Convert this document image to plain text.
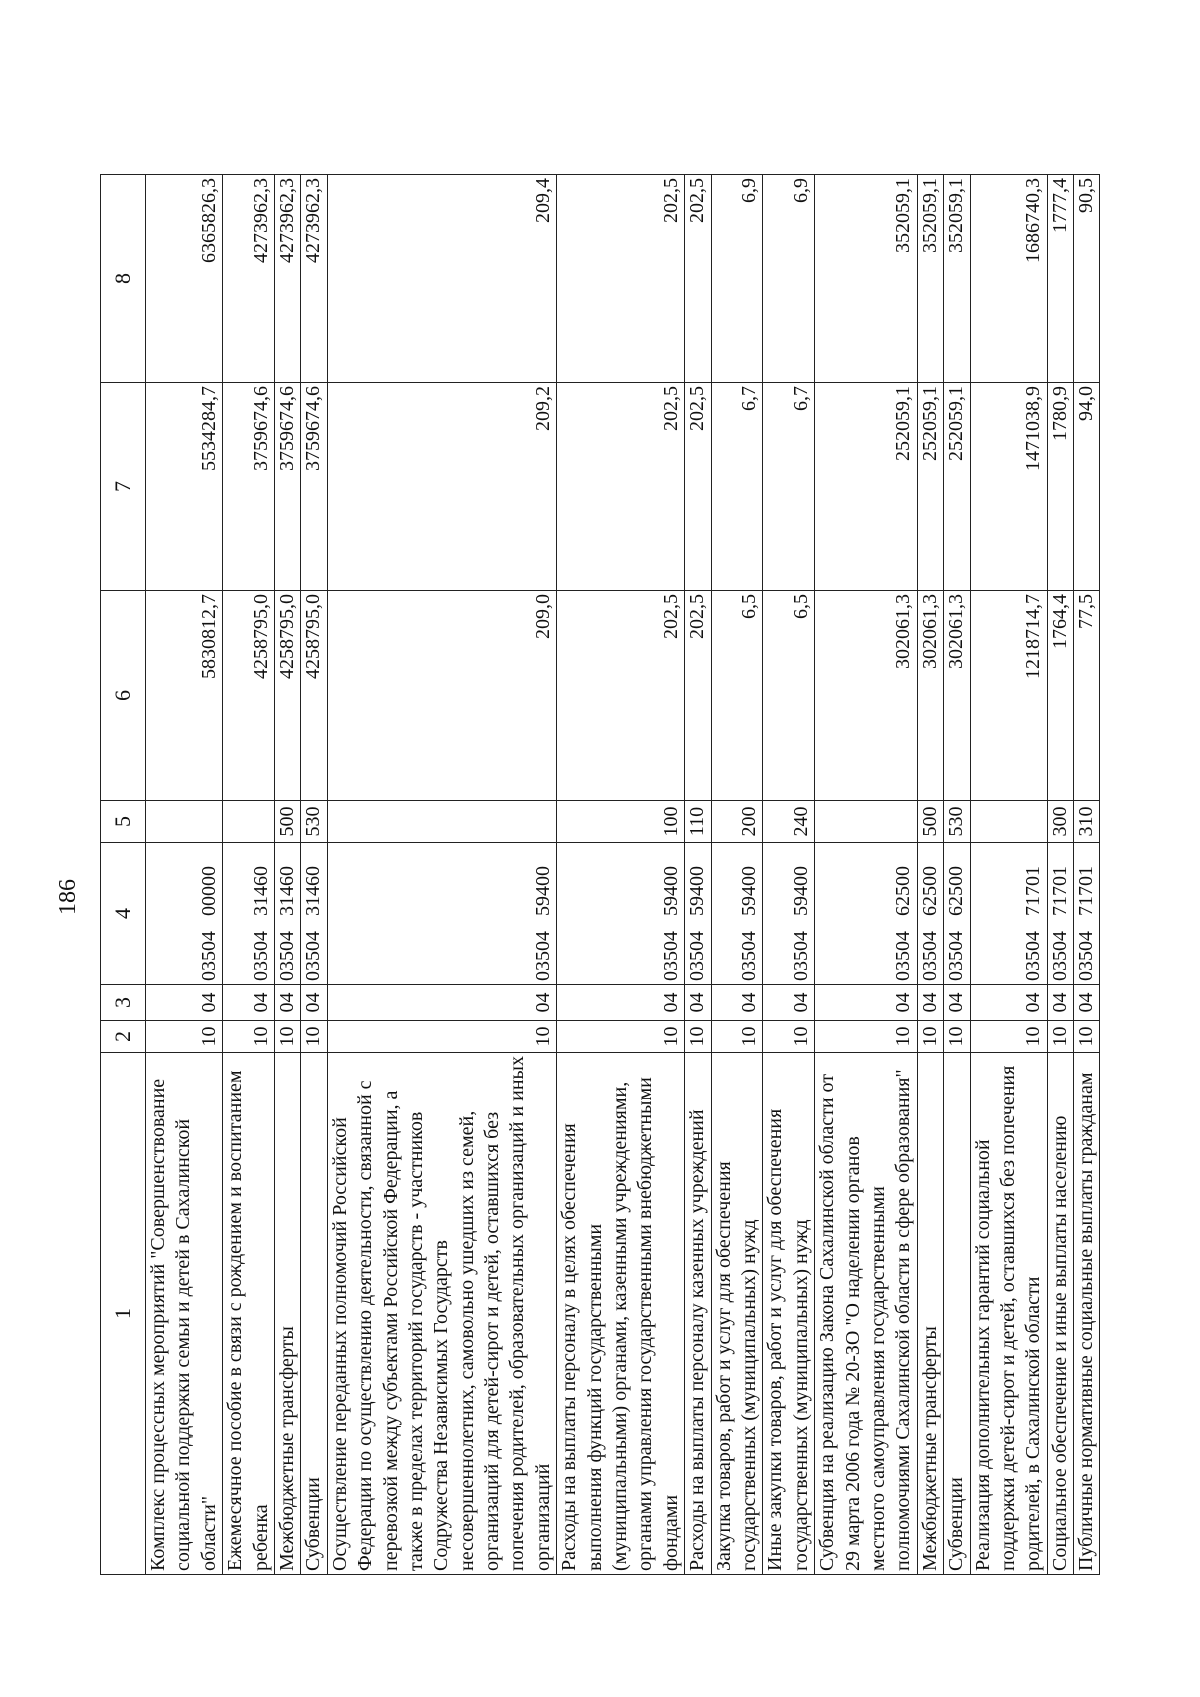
186
1	2	3	4	5	6	7	8
Комплекс процессных мероприятий "Совершенствование социальной поддержки семьи и детей в Сахалинской области"	10	04	03504   00000		5830812,7	5534284,7	6365826,3
Ежемесячное пособие в связи с рождением и воспитанием ребенка	10	04	03504   31460		4258795,0	3759674,6	4273962,3
Межбюджетные трансферты	10	04	03504   31460	500	4258795,0	3759674,6	4273962,3
Субвенции	10	04	03504   31460	530	4258795,0	3759674,6	4273962,3
Осуществление переданных полномочий Российской Федерации по осуществлению деятельности, связанной с перевозкой между субъектами Российской Федерации, а также в пределах территорий государств - участников Содружества Независимых Государств несовершеннолетних, самовольно ушедших из семей, организаций для детей-сирот и детей, оставшихся без попечения родителей, образовательных организаций и иных организаций	10	04	03504   59400		209,0	209,2	209,4
Расходы на выплаты персоналу в целях обеспечения выполнения функций государственными (муниципальными) органами, казенными учреждениями, органами управления государственными внебюджетными фондами	10	04	03504   59400	100	202,5	202,5	202,5
Расходы на выплаты персоналу казенных учреждений	10	04	03504   59400	110	202,5	202,5	202,5
Закупка товаров, работ и услуг для обеспечения государственных (муниципальных) нужд	10	04	03504   59400	200	6,5	6,7	6,9
Иные закупки товаров, работ и услуг для обеспечения государственных (муниципальных) нужд	10	04	03504   59400	240	6,5	6,7	6,9
Субвенция на реализацию Закона Сахалинской области от 29 марта 2006 года № 20-ЗО "О наделении органов местного самоуправления государственными полномочиями Сахалинской области в сфере образования"	10	04	03504   62500		302061,3	252059,1	352059,1
Межбюджетные трансферты	10	04	03504   62500	500	302061,3	252059,1	352059,1
Субвенции	10	04	03504   62500	530	302061,3	252059,1	352059,1
Реализация дополнительных гарантий социальной поддержки детей-сирот и детей, оставшихся без попечения родителей, в Сахалинской области	10	04	03504   71701		1218714,7	1471038,9	1686740,3
Социальное обеспечение и иные выплаты населению	10	04	03504   71701	300	1764,4	1780,9	1777,4
Публичные нормативные социальные выплаты гражданам	10	04	03504   71701	310	77,5	94,0	90,5
